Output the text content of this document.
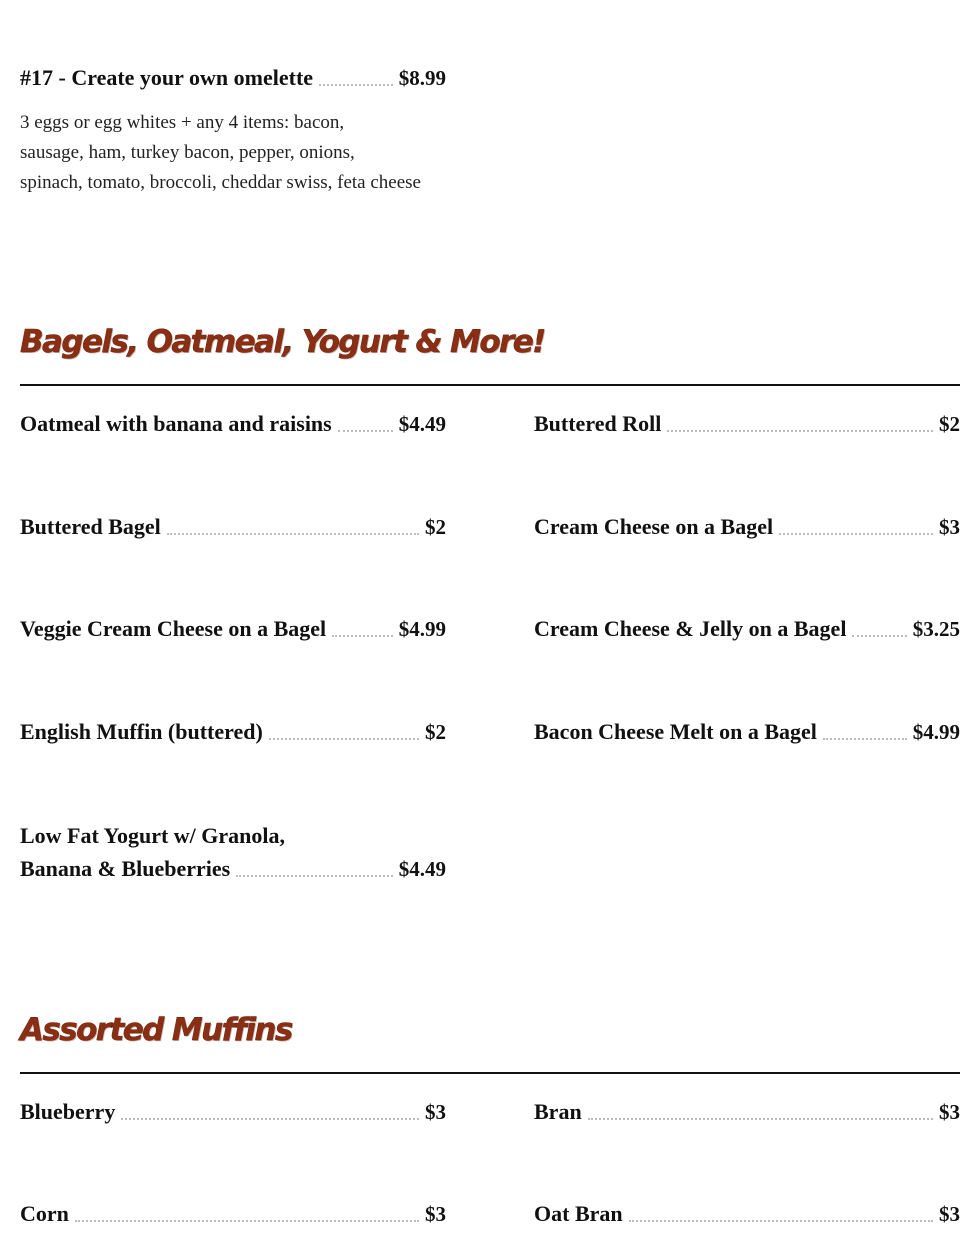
#17 - Create your own omelette	$8.99
3 eggs or egg whites + any 4 items: bacon,
sausage, ham, turkey bacon, pepper, onions,
spinach, tomato, broccoli, cheddar swiss, feta cheese
Bagels, Oatmeal, Yogurt & More!
Oatmeal with banana and raisins	$4.49	Buttered Roll	$2
Buttered Bagel	$2	Cream Cheese on a Bagel	$3
Veggie Cream Cheese on a Bagel	$4.99	Cream Cheese & Jelly on a Bagel	$3.25
English Muffin (buttered)	$2	Bacon Cheese Melt on a Bagel	$4.99
Low Fat Yogurt w/ Granola,
Banana & Blueberries	$4.49
Assorted Muffins
Blueberry	$3	Bran	$3
Corn	$3	Oat Bran	$3
